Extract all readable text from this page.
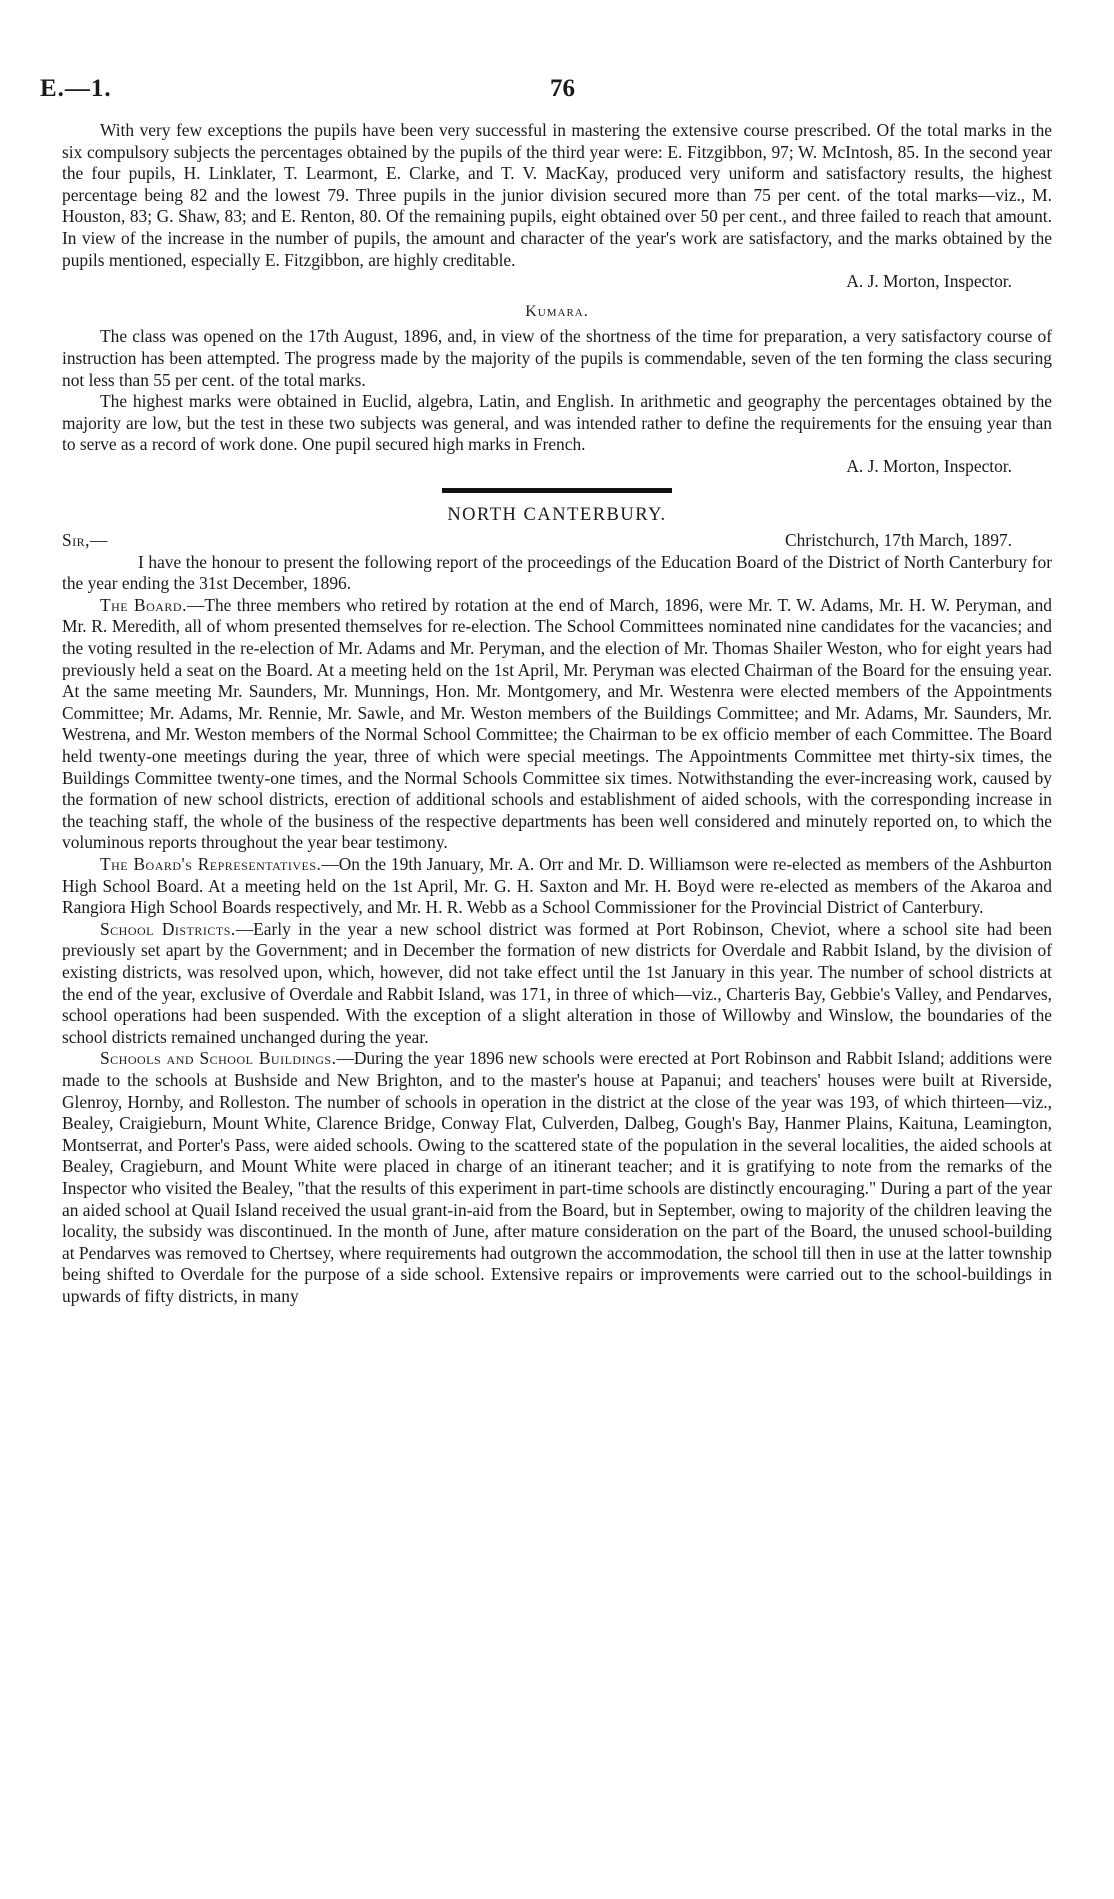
E.—1.	76

With very few exceptions the pupils have been very successful in mastering the extensive course prescribed. Of the total marks in the six compulsory subjects the percentages obtained by the pupils of the third year were: E. Fitzgibbon, 97; W. McIntosh, 85. In the second year the four pupils, H. Linklater, T. Learmont, E. Clarke, and T. V. MacKay, produced very uniform and satisfactory results, the highest percentage being 82 and the lowest 79. Three pupils in the junior division secured more than 75 per cent. of the total marks—viz., M. Houston, 83; G. Shaw, 83; and E. Renton, 80. Of the remaining pupils, eight obtained over 50 per cent., and three failed to reach that amount. In view of the increase in the number of pupils, the amount and character of the year's work are satisfactory, and the marks obtained by the pupils mentioned, especially E. Fitzgibbon, are highly creditable.

A. J. Morton, Inspector.

Kumara.

The class was opened on the 17th August, 1896, and, in view of the shortness of the time for preparation, a very satisfactory course of instruction has been attempted. The progress made by the majority of the pupils is commendable, seven of the ten forming the class securing not less than 55 per cent. of the total marks.

The highest marks were obtained in Euclid, algebra, Latin, and English. In arithmetic and geography the percentages obtained by the majority are low, but the test in these two subjects was general, and was intended rather to define the requirements for the ensuing year than to serve as a record of work done. One pupil secured high marks in French.

A. J. Morton, Inspector.

NORTH CANTERBURY.
Sir,—	Christchurch, 17th March, 1897.

I have the honour to present the following report of the proceedings of the Education Board of the District of North Canterbury for the year ending the 31st December, 1896.

The Board.—The three members who retired by rotation at the end of March, 1896, were Mr. T. W. Adams, Mr. H. W. Peryman, and Mr. R. Meredith, all of whom presented themselves for re-election. The School Committees nominated nine candidates for the vacancies; and the voting resulted in the re-election of Mr. Adams and Mr. Peryman, and the election of Mr. Thomas Shailer Weston, who for eight years had previously held a seat on the Board. At a meeting held on the 1st April, Mr. Peryman was elected Chairman of the Board for the ensuing year. At the same meeting Mr. Saunders, Mr. Munnings, Hon. Mr. Montgomery, and Mr. Westenra were elected members of the Appointments Committee; Mr. Adams, Mr. Rennie, Mr. Sawle, and Mr. Weston members of the Buildings Committee; and Mr. Adams, Mr. Saunders, Mr. Westrena, and Mr. Weston members of the Normal School Committee; the Chairman to be ex officio member of each Committee. The Board held twenty-one meetings during the year, three of which were special meetings. The Appointments Committee met thirty-six times, the Buildings Committee twenty-one times, and the Normal Schools Committee six times. Notwithstanding the ever-increasing work, caused by the formation of new school districts, erection of additional schools and establishment of aided schools, with the corresponding increase in the teaching staff, the whole of the business of the respective departments has been well considered and minutely reported on, to which the voluminous reports throughout the year bear testimony.

The Board's Representatives.—On the 19th January, Mr. A. Orr and Mr. D. Williamson were re-elected as members of the Ashburton High School Board. At a meeting held on the 1st April, Mr. G. H. Saxton and Mr. H. Boyd were re-elected as members of the Akaroa and Rangiora High School Boards respectively, and Mr. H. R. Webb as a School Commissioner for the Provincial District of Canterbury.

School Districts.—Early in the year a new school district was formed at Port Robinson, Cheviot, where a school site had been previously set apart by the Government; and in December the formation of new districts for Overdale and Rabbit Island, by the division of existing districts, was resolved upon, which, however, did not take effect until the 1st January in this year. The number of school districts at the end of the year, exclusive of Overdale and Rabbit Island, was 171, in three of which—viz., Charteris Bay, Gebbie's Valley, and Pendarves, school operations had been suspended. With the exception of a slight alteration in those of Willowby and Winslow, the boundaries of the school districts remained unchanged during the year.

Schools and School Buildings.—During the year 1896 new schools were erected at Port Robinson and Rabbit Island; additions were made to the schools at Bushside and New Brighton, and to the master's house at Papanui; and teachers' houses were built at Riverside, Glenroy, Hornby, and Rolleston. The number of schools in operation in the district at the close of the year was 193, of which thirteen—viz., Bealey, Craigieburn, Mount White, Clarence Bridge, Conway Flat, Culverden, Dalbeg, Gough's Bay, Hanmer Plains, Kaituna, Leamington, Montserrat, and Porter's Pass, were aided schools. Owing to the scattered state of the population in the several localities, the aided schools at Bealey, Cragieburn, and Mount White were placed in charge of an itinerant teacher; and it is gratifying to note from the remarks of the Inspector who visited the Bealey, "that the results of this experiment in part-time schools are distinctly encouraging." During a part of the year an aided school at Quail Island received the usual grant-in-aid from the Board, but in September, owing to majority of the children leaving the locality, the subsidy was discontinued. In the month of June, after mature consideration on the part of the Board, the unused school-building at Pendarves was removed to Chertsey, where requirements had outgrown the accommodation, the school till then in use at the latter township being shifted to Overdale for the purpose of a side school. Extensive repairs or improvements were carried out to the school-buildings in upwards of fifty districts, in many
